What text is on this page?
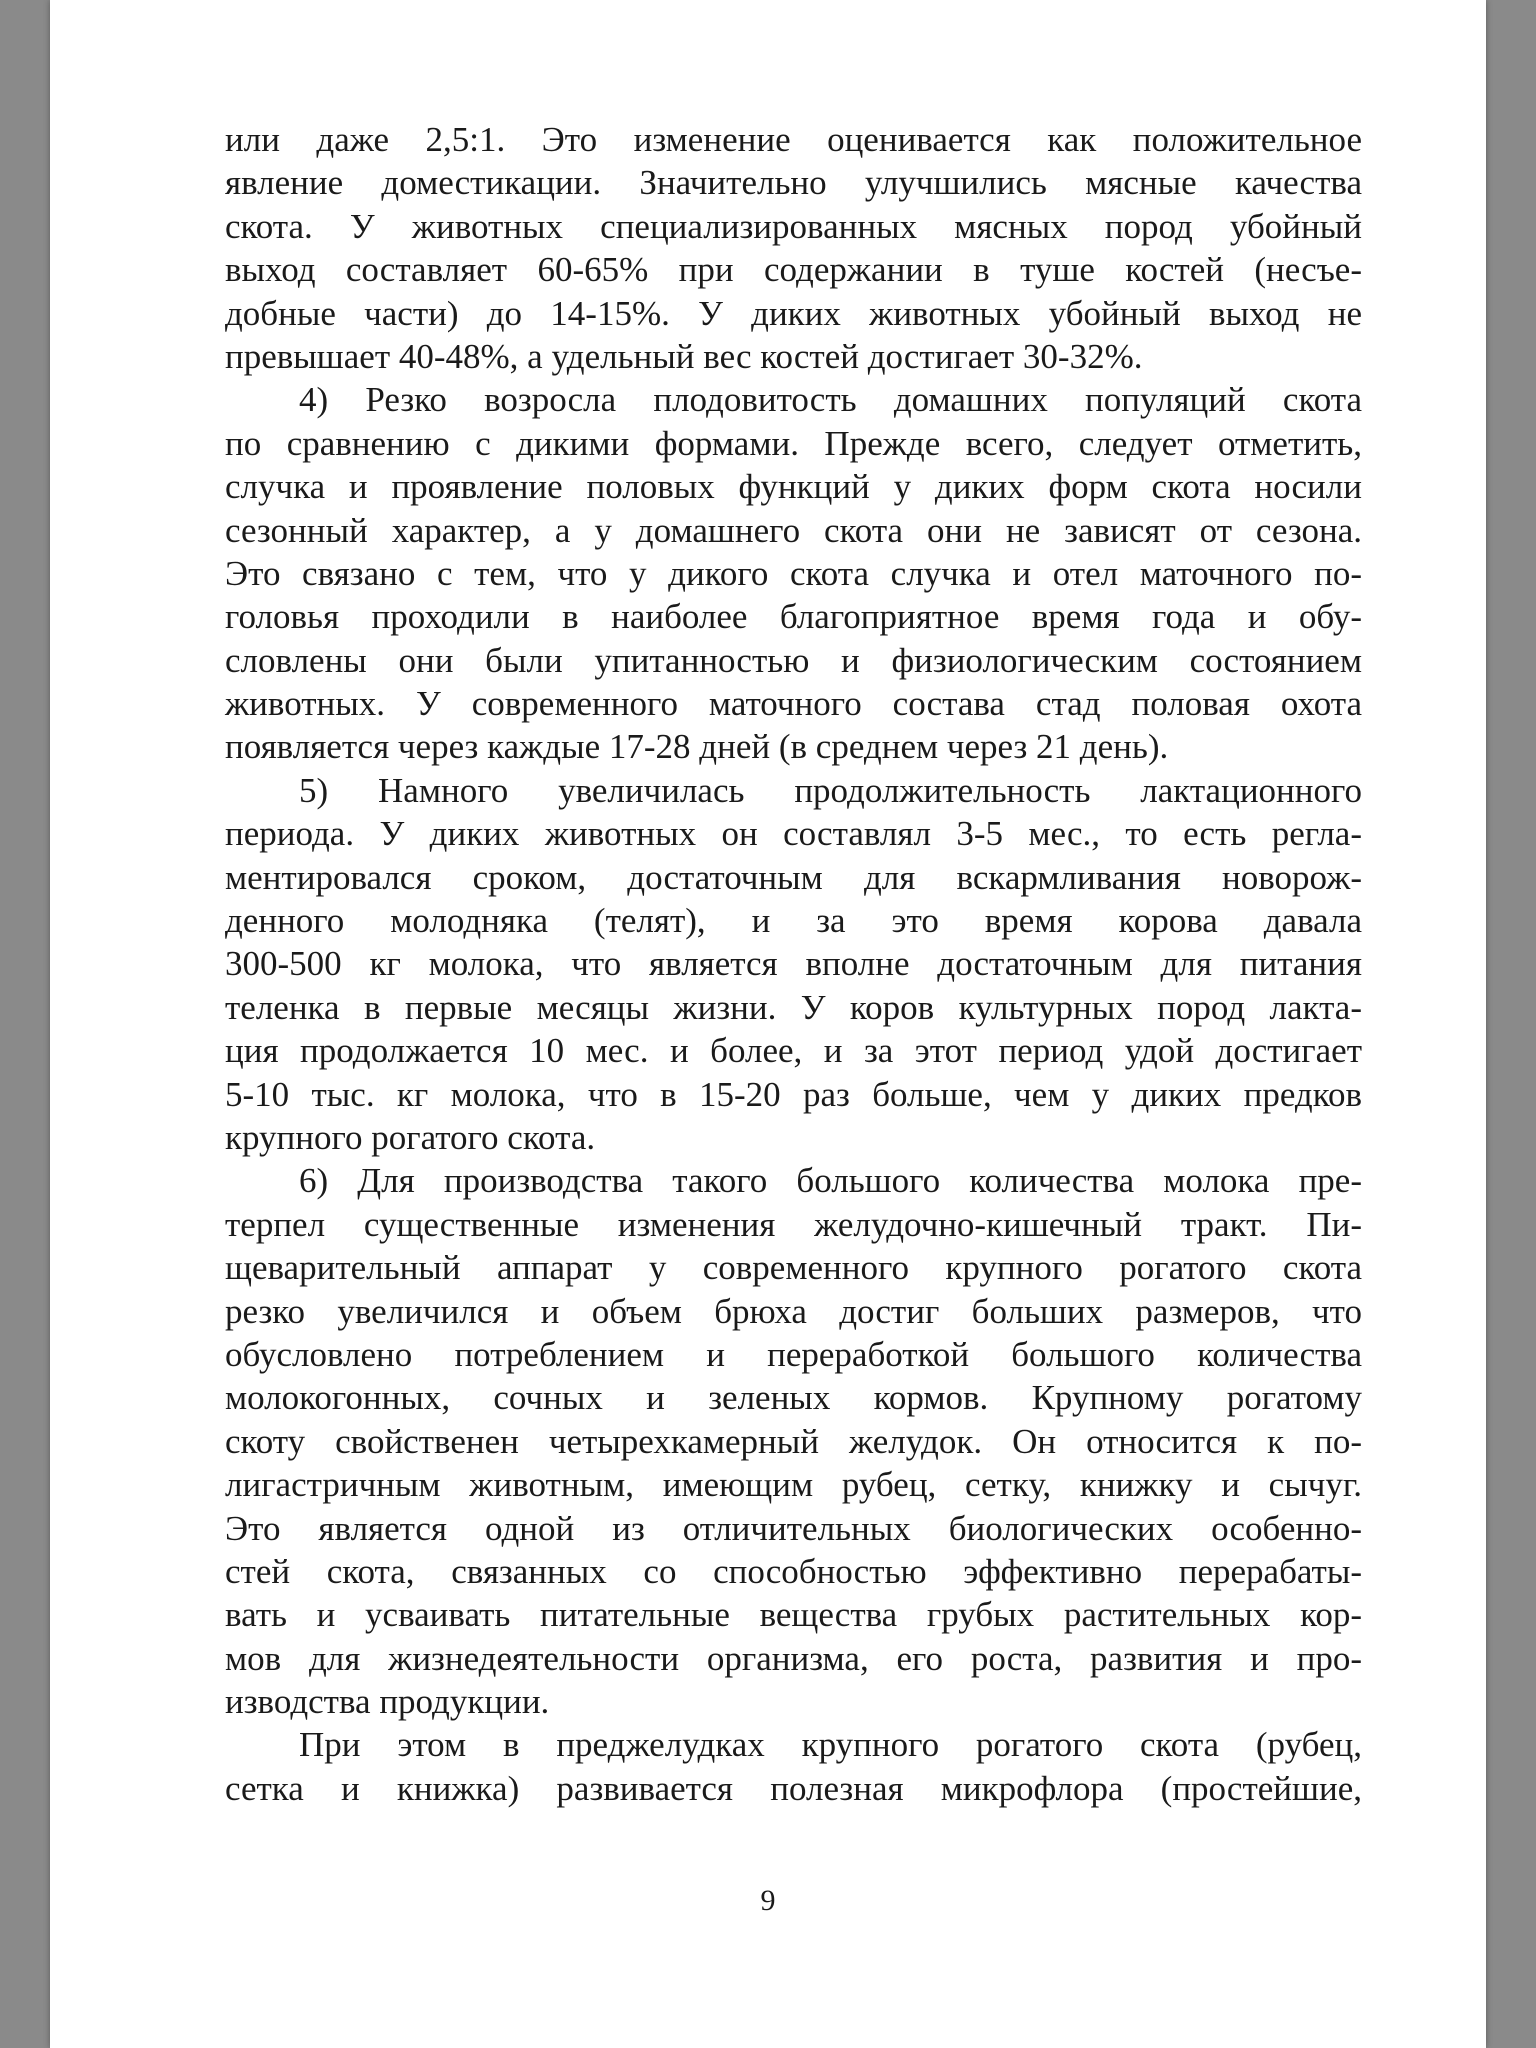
или даже 2,5:1. Это изменение оценивается как положительное
явление доместикации. Значительно улучшились мясные качества
скота. У животных специализированных мясных пород убойный
выход составляет 60-65% при содержании в туше костей (несъе-
добные части) до 14-15%. У диких животных убойный выход не
превышает 40-48%, а удельный вес костей достигает 30-32%.
4) Резко возросла плодовитость домашних популяций скота
по сравнению с дикими формами. Прежде всего, следует отметить,
случка и проявление половых функций у диких форм скота носили
сезонный характер, а у домашнего скота они не зависят от сезона.
Это связано с тем, что у дикого скота случка и отел маточного по-
головья проходили в наиболее благоприятное время года и обу-
словлены они были упитанностью и физиологическим состоянием
животных. У современного маточного состава стад половая охота
появляется через каждые 17-28 дней (в среднем через 21 день).
5) Намного увеличилась продолжительность лактационного
периода. У диких животных он составлял 3-5 мес., то есть регла-
ментировался сроком, достаточным для вскармливания новорож-
денного молодняка (телят), и за это время корова давала
300-500 кг молока, что является вполне достаточным для питания
теленка в первые месяцы жизни. У коров культурных пород лакта-
ция продолжается 10 мес. и более, и за этот период удой достигает
5-10 тыс. кг молока, что в 15-20 раз больше, чем у диких предков
крупного рогатого скота.
6) Для производства такого большого количества молока пре-
терпел существенные изменения желудочно-кишечный тракт. Пи-
щеварительный аппарат у современного крупного рогатого скота
резко увеличился и объем брюха достиг больших размеров, что
обусловлено потреблением и переработкой большого количества
молокогонных, сочных и зеленых кормов. Крупному рогатому
скоту свойственен четырехкамерный желудок. Он относится к по-
лигастричным животным, имеющим рубец, сетку, книжку и сычуг.
Это является одной из отличительных биологических особенно-
стей скота, связанных со способностью эффективно перерабаты-
вать и усваивать питательные вещества грубых растительных кор-
мов для жизнедеятельности организма, его роста, развития и про-
изводства продукции.
При этом в преджелудках крупного рогатого скота (рубец,
сетка и книжка) развивается полезная микрофлора (простейшие,
9
